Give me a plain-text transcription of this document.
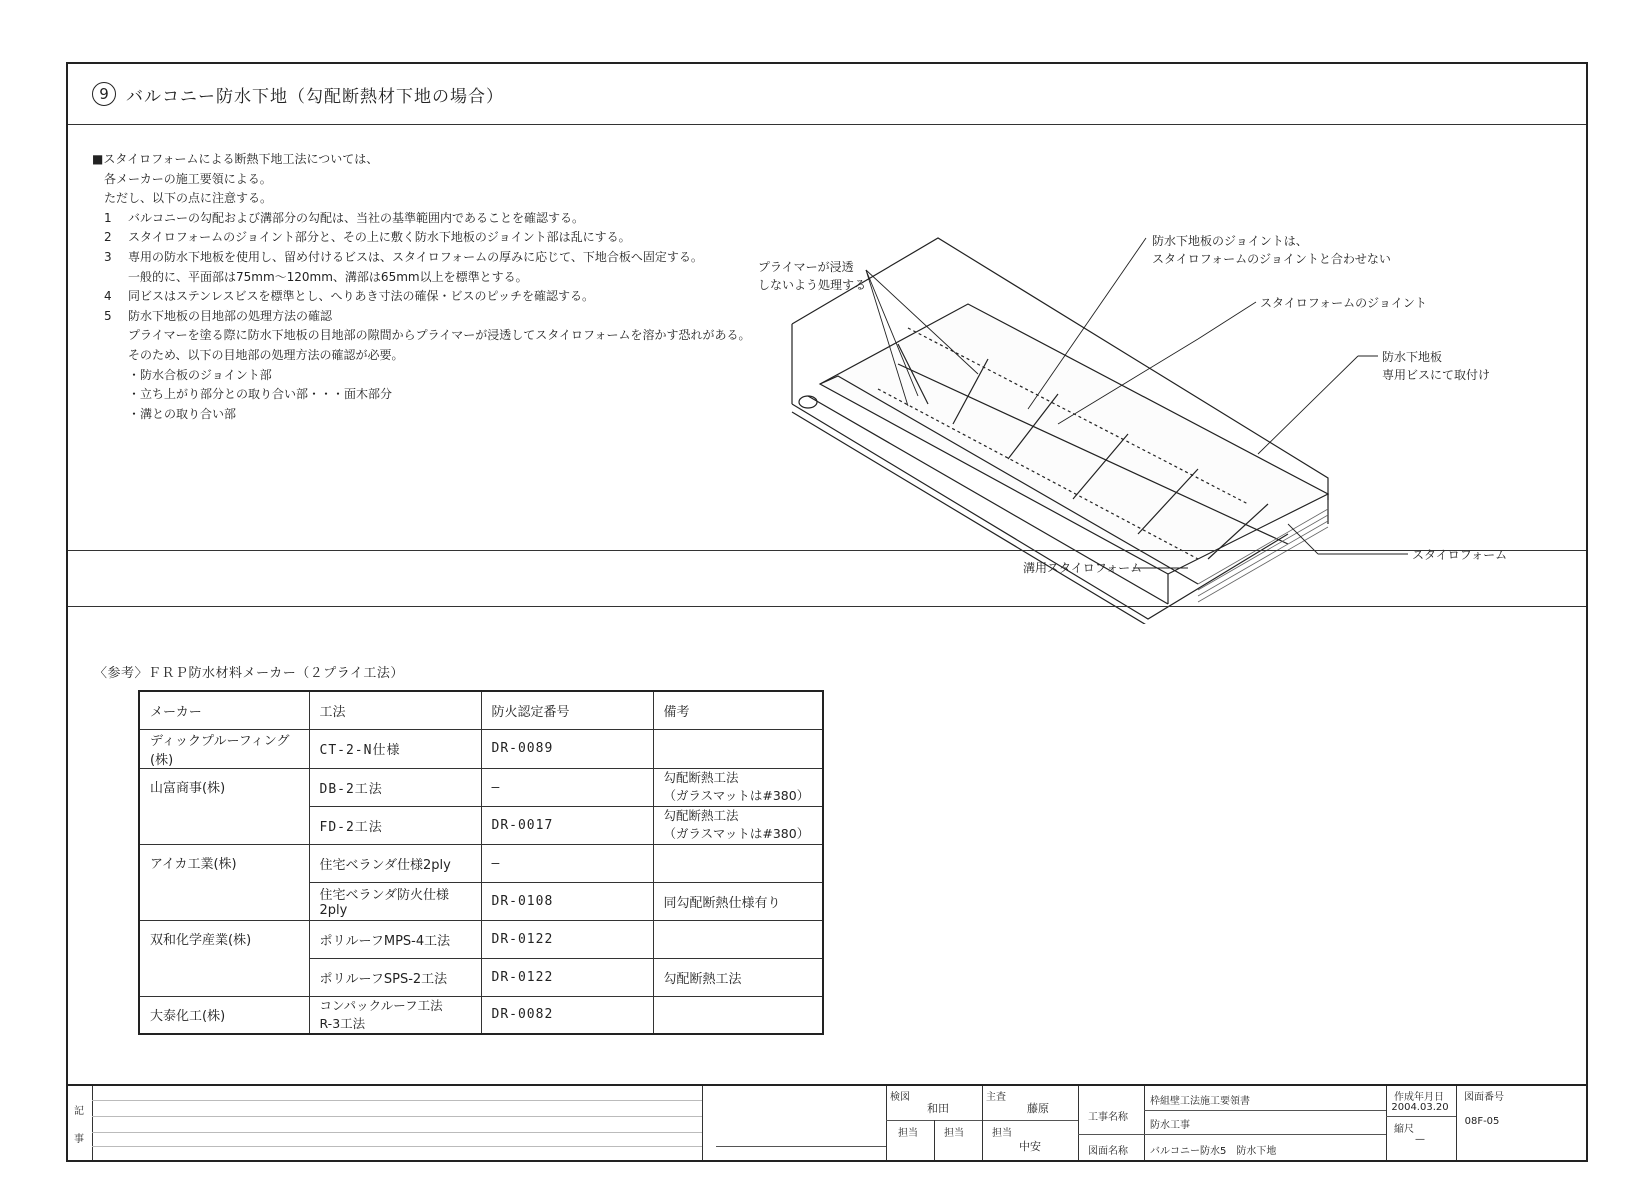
9	バルコニー防水下地（勾配断熱材下地の場合）
■スタイロフォームによる断熱下地工法については、
各メーカーの施工要領による。
ただし、以下の点に注意する。
1 バルコニーの勾配および溝部分の勾配は、当社の基準範囲内であることを確認する。
2 スタイロフォームのジョイント部分と、その上に敷く防水下地板のジョイント部は乱にする。
3 専用の防水下地板を使用し、留め付けるビスは、スタイロフォームの厚みに応じて、下地合板へ固定する。
一般的に、平面部は75mm～120mm、溝部は65mm以上を標準とする。
4 同ビスはステンレスビスを標準とし、へりあき寸法の確保・ビスのピッチを確認する。
5 防水下地板の目地部の処理方法の確認
プライマーを塗る際に防水下地板の目地部の隙間からプライマーが浸透してスタイロフォームを溶かす恐れがある。
そのため、以下の目地部の処理方法の確認が必要。
・防水合板のジョイント部
・立ち上がり部分との取り合い部・・・面木部分
・溝との取り合い部
プライマーが浸透
しないよう処理する
防水下地板のジョイントは、
スタイロフォームのジョイントと合わせない
スタイロフォームのジョイント
防水下地板
専用ビスにて取付け
溝用スタイロフォーム
スタイロフォーム
〈参考〉ＦＲＰ防水材料メーカー（２プライ工法）
メーカー	工法	防火認定番号	備考
ディックプルーフィング(株)	CT-2-N仕様	DR-0089	
山富商事(株)	DB-2工法	–	勾配断熱工法
（ガラスマットは#380）

	FD-2工法	DR-0017	勾配断熱工法
（ガラスマットは#380）

アイカ工業(株)	住宅ベランダ仕様2ply	–	
	住宅ベランダ防火仕様2ply	DR-0108	同勾配断熱仕様有り
双和化学産業(株)	ポリルーフMPS-4工法	DR-0122	
	ポリルーフSPS-2工法	DR-0122	勾配断熱工法
大泰化工(株)	コンパックルーフ工法
R-3工法	DR-0082	
記
事
検図
和田
主査
藤原
担当	担当	担当
中安
工事名称
枠組壁工法施工要領書
防水工事
図面名称 バルコニー防水5　防水下地
作成年月日
2004.03.20
縮尺
—
図面番号
08F-05
